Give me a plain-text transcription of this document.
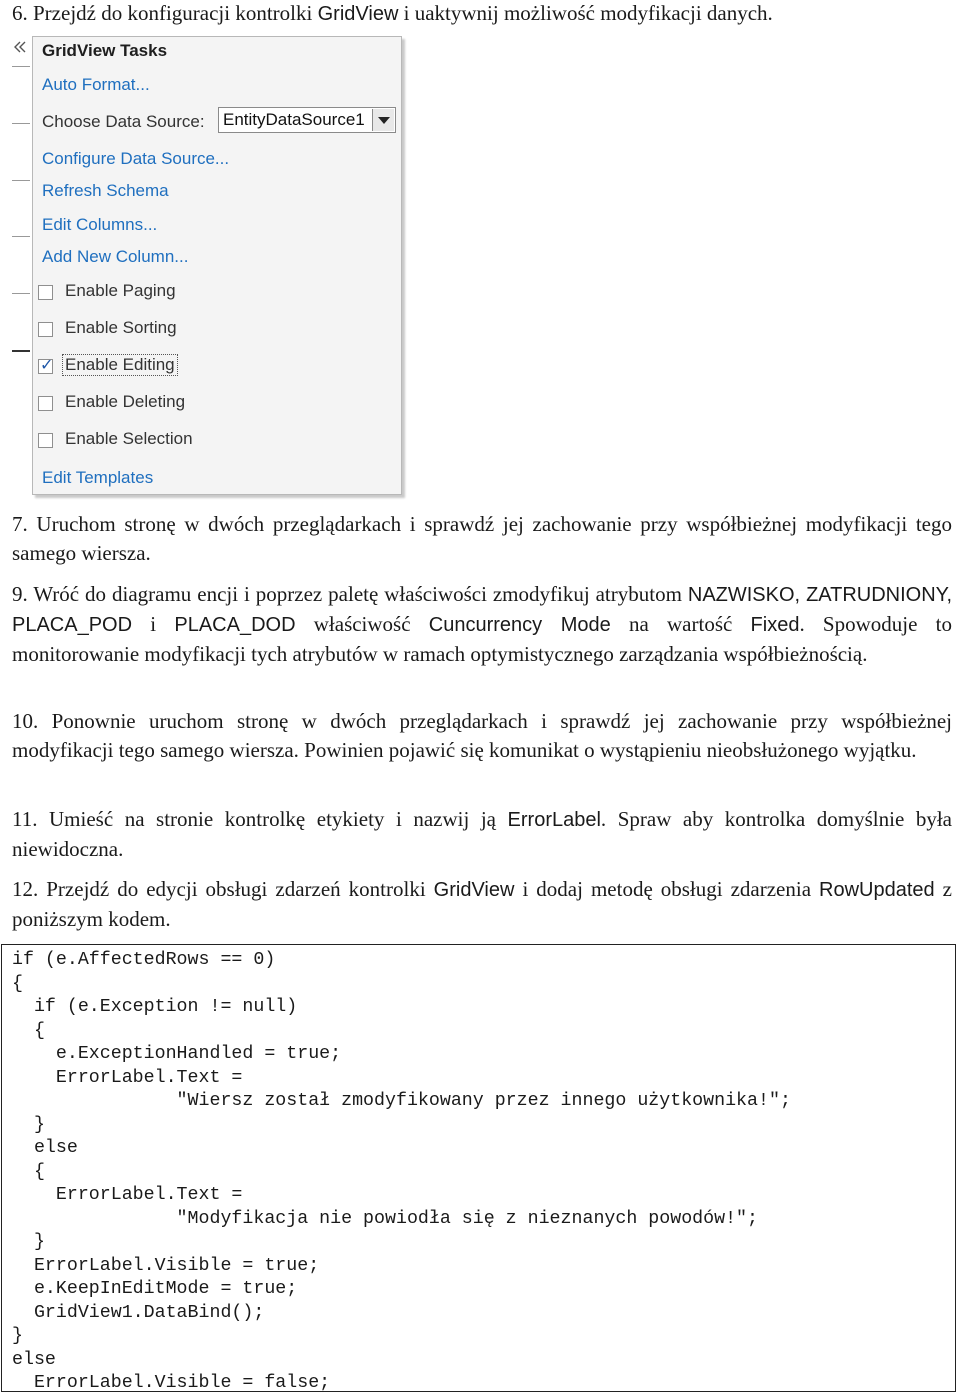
6. Przejdź do konfiguracji kontrolki GridView i uaktywnij możliwość modyfikacji danych.
GridView Tasks
Auto Format...
Choose Data Source: EntityDataSource1
Configure Data Source...
Refresh Schema
Edit Columns...
Add New Column...
Enable Paging
Enable Sorting
✓ Enable Editing
Enable Deleting
Enable Selection
Edit Templates
7. Uruchom stronę w dwóch przeglądarkach i sprawdź jej zachowanie przy współbieżnej modyfikacji tego samego wiersza.
9. Wróć do diagramu encji i poprzez paletę właściwości zmodyfikuj atrybutom NAZWISKO, ZATRUDNIONY, PLACA_POD i PLACA_DOD właściwość Cuncurrency Mode na wartość Fixed. Spowoduje to monitorowanie modyfikacji tych atrybutów w ramach optymistycznego zarządzania współbieżnością.
10. Ponownie uruchom stronę w dwóch przeglądarkach i sprawdź jej zachowanie przy współbieżnej modyfikacji tego samego wiersza. Powinien pojawić się komunikat o wystąpieniu nieobsłużonego wyjątku.
11. Umieść na stronie kontrolkę etykiety i nazwij ją ErrorLabel. Spraw aby kontrolka domyślnie była niewidoczna.
12. Przejdź do edycji obsługi zdarzeń kontrolki GridView i dodaj metodę obsługi zdarzenia RowUpdated z poniższym kodem.
if (e.AffectedRows == 0)
{
if (e.Exception != null)
{
e.ExceptionHandled = true;
ErrorLabel.Text =
"Wiersz został zmodyfikowany przez innego użytkownika!";
}
else
{
ErrorLabel.Text =
"Modyfikacja nie powiodła się z nieznanych powodów!";
}
ErrorLabel.Visible = true;
e.KeepInEditMode = true;
GridView1.DataBind();
}
else
ErrorLabel.Visible = false;
